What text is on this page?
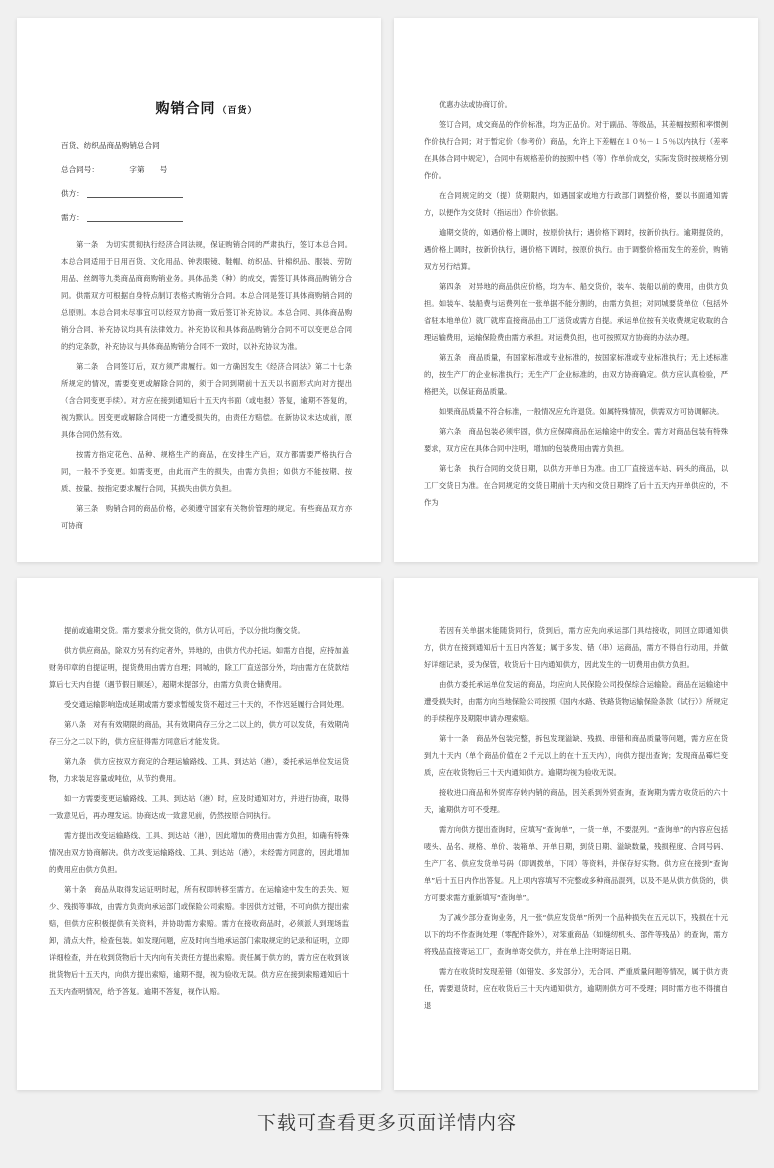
购销合同 （百货）
百货、纺织品商品购销总合同
总合同号：	字第　　号
供方：
需方：

第一条　为切实贯彻执行经济合同法规，保证购销合同的严肃执行，签订本总合同。本总合同适用于日用百货、文化用品、钟表眼镜、鞋帽、纺织品、针棉织品、服装、劳防用品、丝绸等九类商品商商购销业务。具体品类（种）的成交，需签订具体商品购销分合同。供需双方可根据自身特点制订表格式购销分合同。本总合同是签订具体商购销合同的总原则。本总合同未尽事宜可以经双方协商一致后签订补充协议。本总合同、具体商品购销分合同、补充协议均具有法律效力。补充协议和具体商品购销分合同不可以变更总合同的约定条款，补充协议与具体商品购销分合同不一致时，以补充协议为准。

第二条　合同签订后，双方须严肃履行。如一方确因发生《经济合同法》第二十七条所规定的情况，需要变更或解除合同的，须于合同到期前十五天以书面形式向对方提出（含合同变更手续）。对方应在接到通知后十五天内书面（或电报）答复，逾期不答复的，视为默认。因变更或解除合同使一方遭受损失的，由责任方赔偿。在新协议未达成前，原具体合同仍然有效。

按需方指定花色、品种、规格生产的商品，在安排生产后，双方都需要严格执行合同，一般不予变更。如需变更，由此而产生的损失，由需方负担；如供方不能按期、按质、按量、按指定要求履行合同，其损失由供方负担。

第三条　购销合同的商品价格，必须遵守国家有关物价管理的规定。有些商品双方亦可协商

优惠办法或协商订价。

签订合同，成交商品的作价标准，均为正品价。对于副品、等级品，其差幅按照和率惯例作价执行合同；对于暂定价（参考价）商品，允许上下差幅在１０％－１５％以内执行（差率在具体合同中规定），合同中有规格差价的按照中档（等）作单价成交，实际发货时按规格分别作价。

在合同规定的交（提）货期限内，如遇国家或地方行政部门调整价格，要以书面通知需方，以便作为交货时（指运出）作价依据。

逾期交货的，如遇价格上调时，按原价执行；遇价格下调时，按新价执行。逾期提货的，遇价格上调时，按新价执行，遇价格下调时，按原价执行。由于调整价格而发生的差价，购销双方另行结算。

第四条　对异地的商品供应价格，均为车、船交货价，装车、装船以前的费用，由供方负担。如装车、装船费与运费列在一张单据不能分割的，由需方负担；对同城要货单位（包括外省驻本地单位）就厂就库直接商品由工厂送货或需方自提。承运单位按有关收费规定收取的合理运输费用，运输保险费由需方承担。对运费负担，也可按照双方协商的办法办理。

第五条　商品质量，有国家标准或专业标准的，按国家标准或专业标准执行；无上述标准的，按生产厂的企业标准执行；无生产厂企业标准的，由双方协商确定。供方应认真检验，严格把关，以保证商品质量。

如果商品质量不符合标准，一般情况应允许退货。如属特殊情况，供需双方可协调解决。

第六条　商品包装必须牢固，供方应保障商品在运输途中的安全。需方对商品包装有特殊要求，双方应在具体合同中注明，增加的包装费用由需方负担。

第七条　执行合同的交货日期，以供方开单日为准。由工厂直接送车站、码头的商品，以工厂交货日为准。在合同规定的交货日期前十天内和交货日期终了后十五天内开单供应的，不作为

提前或逾期交货。需方要求分批交货的，供方认可后，予以分批均衡交货。

供方供应商品，除双方另有约定者外，异地的，由供方代办托运。如需方自提，应持加盖财务印章的自提证明，提货费用由需方自理；同城的，除工厂直送部分外，均由需方在货款结算后七天内自提（遇节假日顺延），超期未提部分，由需方负责仓储费用。

受交通运输影响造成延期或需方要求暂缓发货不超过三十天的，不作迟延履行合同处理。

第八条　对有有效期限的商品，其有效期尚存三分之二以上的，供方可以发货，有效期尚存三分之二以下的，供方应征得需方同意后才能发货。

第九条　供方应按双方商定的合理运输路线、工具、到达站（港），委托承运单位发运货物，力求装足容量或吨位，从节约费用。

如一方需要变更运输路线、工具、到达站（港）时，应及时通知对方，并进行协商，取得一致意见后，再办理发运。协商达成一致意见前，仍然按原合同执行。

需方提出改变运输路线、工具、到达站（港），因此增加的费用由需方负担，如确有特殊情况由双方协商解决。供方改变运输路线、工具、到达站（港），未经需方同意的，因此增加的费用应由供方负担。

第十条　商品从取得发运证明时起，所有权即转移至需方。在运输途中发生的丢失、短少、残损等事故，由需方负责向承运部门或保险公司索赔。非因供方过错，不可向供方提出索赔，但供方应积极提供有关资料，并协助需方索赔。需方在接收商品时，必须派人到现场监卸，清点大件，检查包装。如发现问题，应及时向当地承运部门索取规定的记录和证明，立即详细检查，并在收到货物后十天内向有关责任方提出索赔。责任属于供方的，需方应在收到该批货物后十五天内，向供方提出索赔，逾期不提，视为验收无误。供方应在接到索赔通知后十五天内查明情况，给予答复。逾期不答复，视作认赔。

若因有关单据未能随货同行，货到后，需方应先向承运部门具结接收，同回立即通知供方，供方在接到通知后十五日内答复；属于多发、错（串）运商品，需方不得自行动用，并做好详细记录，妥为保管，收货后十日内通知供方，因此发生的一切费用由供方负担。

由供方委托承运单位发运的商品，均应向人民保险公司投保综合运输险。商品在运输途中遭受损失时，由需方向当地保险公司按照《国内水路、铁路货物运输保险条款（试行）》所规定的手续程序及期限申请办理索赔。

第十一条　商品外包装完整，拆包发现溢缺、残损、串错和商品质量等问题，需方应在货到九十天内（单个商品价值在２千元以上的在十五天内），向供方提出查询；发现商品霉烂变质，应在收货物后三十天内通知供方。逾期均视为验收无误。

接收进口商品和外贸库存转内销的商品，因关系到外贸查询，查询期为需方收货后的六十天，逾期供方可不受理。

需方向供方提出查询时，应填写“查询单”，一货一单，不要混列。“查询单”的内容应包括唛头、品名、规格、单价、装箱单、开单日期，到货日期、溢缺数量，残损程度、合同号码、生产厂名、供应发货单号码（即调拨单，下同）等资料，并保存好实物。供方应在接到“查询单”后十五日内作出答复。凡上项内容填写不完整或多种商品混列，以及不是从供方供货的，供方可要求需方重新填写“查询单”。

为了减少部分查询业务，凡一张“供应发货单”所列一个品种损失在五元以下，残损在十元以下的均不作查询处理（零配件除外），对笨重商品（如缝纫机头、部件等残品）的查询，需方将残品直接寄运工厂，查询单寄交供方，并在单上注明寄运日期。

需方在收货时发现差错（如错发、多发部分），无合同、严重质量问题等情况，属于供方责任，需要退货时，应在收货后三十天内通知供方，逾期则供方可不受理；同时需方也不得擅自退

下载可查看更多页面详情内容
